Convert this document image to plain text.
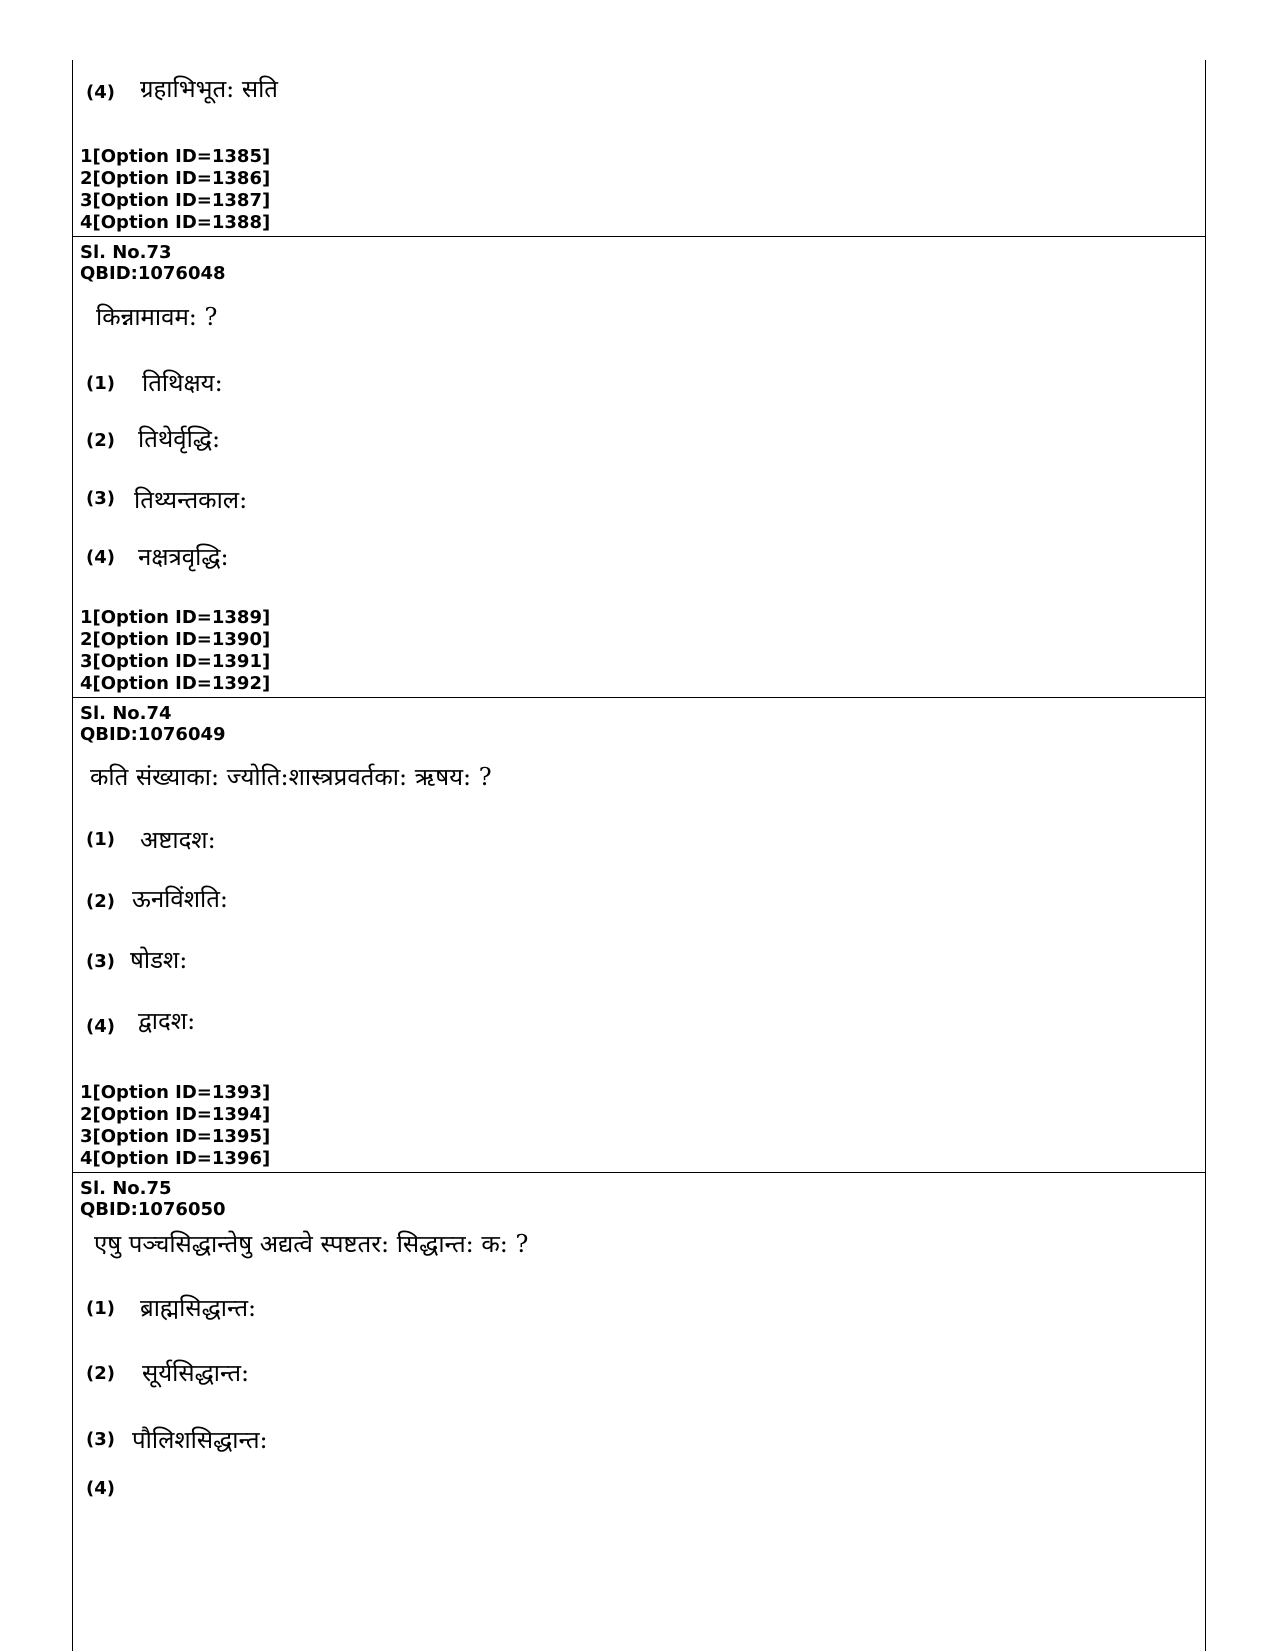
(4) ग्रहाभिभूत: सति
1[Option ID=1385]
2[Option ID=1386]
3[Option ID=1387]
4[Option ID=1388]
Sl. No.73
QBID:1076048
किन्नामावम: ?
(1) तिथिक्षय:
(2) तिथेर्वृद्धि:
(3) तिथ्यन्तकाल:
(4) नक्षत्रवृद्धि:
1[Option ID=1389]
2[Option ID=1390]
3[Option ID=1391]
4[Option ID=1392]
Sl. No.74
QBID:1076049
कति संख्याका: ज्योति:शास्त्रप्रवर्तका: ऋषय: ?
(1) अष्टादश:
(2) ऊनविंशति:
(3) षोडश:
(4) द्वादश:
1[Option ID=1393]
2[Option ID=1394]
3[Option ID=1395]
4[Option ID=1396]
Sl. No.75
QBID:1076050
एषु पञ्चसिद्धान्तेषु अद्यत्वे स्पष्टतर: सिद्धान्त: क: ?
(1) ब्राह्मसिद्धान्त:
(2) सूर्यसिद्धान्त:
(3) पौलिशसिद्धान्त:
(4)
